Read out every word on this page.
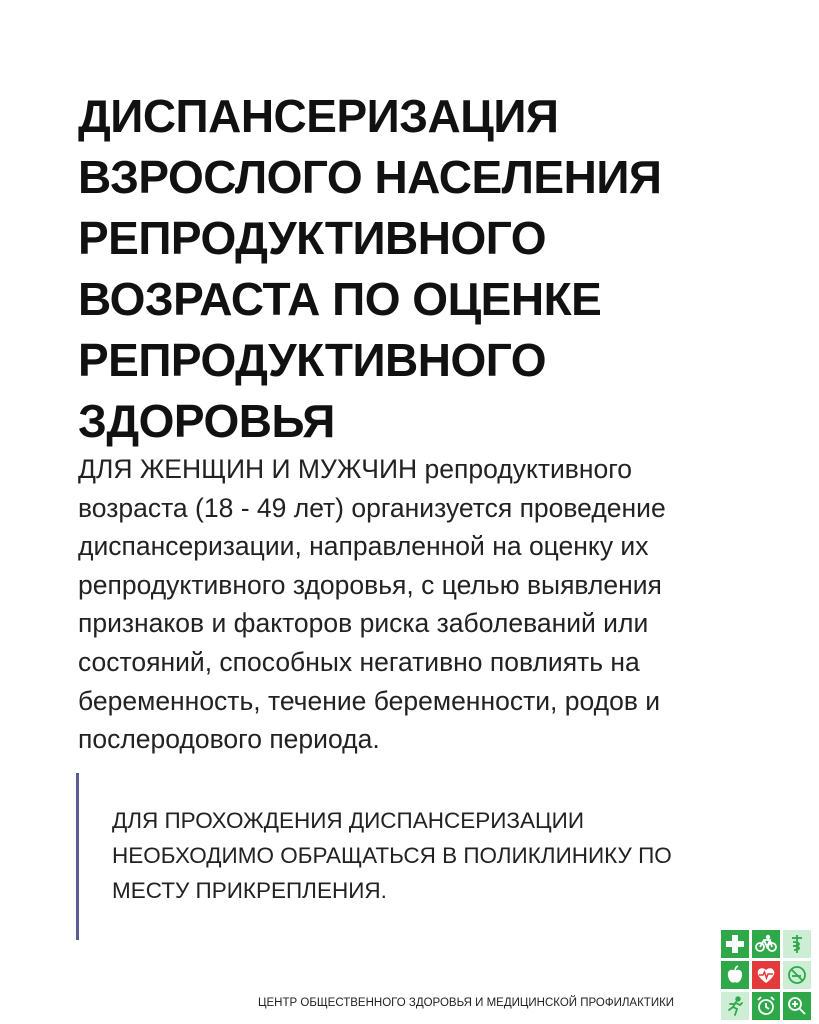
ДИСПАНСЕРИЗАЦИЯ
ВЗРОСЛОГО НАСЕЛЕНИЯ
РЕПРОДУКТИВНОГО
ВОЗРАСТА ПО ОЦЕНКЕ
РЕПРОДУКТИВНОГО
ЗДОРОВЬЯ
ДЛЯ ЖЕНЩИН И МУЖЧИН репродуктивного
возраста (18 - 49 лет) организуется проведение
диспансеризации, направленной на оценку их
репродуктивного здоровья, с целью выявления
признаков и факторов риска заболеваний или
состояний, способных негативно повлиять на
беременность, течение беременности, родов и
послеродового периода.
ДЛЯ ПРОХОЖДЕНИЯ ДИСПАНСЕРИЗАЦИИ
НЕОБХОДИМО ОБРАЩАТЬСЯ В ПОЛИКЛИНИКУ ПО
МЕСТУ ПРИКРЕПЛЕНИЯ.
ЦЕНТР ОБЩЕСТВЕННОГО ЗДОРОВЬЯ И МЕДИЦИНСКОЙ ПРОФИЛАКТИКИ
